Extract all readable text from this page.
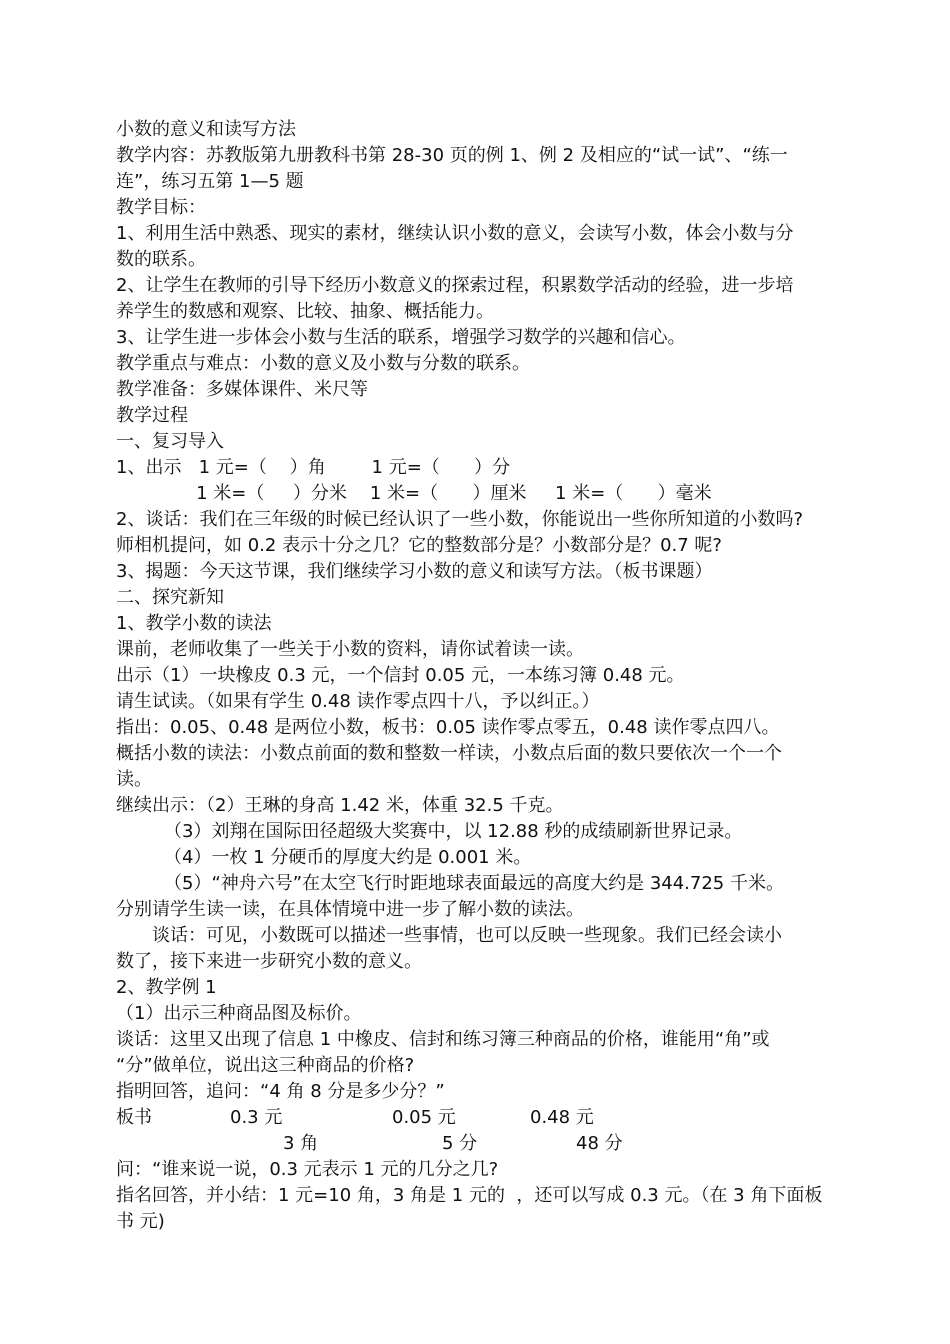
小数的意义和读写方法

教学内容：苏教版第九册教科书第 28-30 页的例 1、例 2 及相应的“试一试”、“练一

连”，练习五第 1—5 题

教学目标：

1、利用生活中熟悉、现实的素材，继续认识小数的意义，会读写小数，体会小数与分

数的联系。

2、让学生在教师的引导下经历小数意义的探索过程，积累数学活动的经验，进一步培

养学生的数感和观察、比较、抽象、概括能力。

3、让学生进一步体会小数与生活的联系，增强学习数学的兴趣和信心。

教学重点与难点：小数的意义及小数与分数的联系。

教学准备：多媒体课件、米尺等

教学过程

一、复习导入

1、出示   1 元=（    ）角        1 元=（      ）分

1 米=（     ）分米    1 米=（      ）厘米     1 米=（      ）毫米

2、谈话：我们在三年级的时候已经认识了一些小数，你能说出一些你所知道的小数吗?

师相机提问，如 0.2 表示十分之几？它的整数部分是？小数部分是？0.7 呢?

3、揭题：今天这节课，我们继续学习小数的意义和读写方法。（板书课题）

二、探究新知

1、教学小数的读法

课前，老师收集了一些关于小数的资料，请你试着读一读。

出示（1）一块橡皮 0.3 元，一个信封 0.05 元，一本练习簿 0.48 元。

请生试读。（如果有学生 0.48 读作零点四十八，予以纠正。）

指出：0.05、0.48 是两位小数，板书：0.05 读作零点零五，0.48 读作零点四八。

概括小数的读法：小数点前面的数和整数一样读，小数点后面的数只要依次一个一个

读。

继续出示：（2）王琳的身高 1.42 米，体重 32.5 千克。

（3）刘翔在国际田径超级大奖赛中，以 12.88 秒的成绩刷新世界记录。

（4）一枚 1 分硬币的厚度大约是 0.001 米。

（5）“神舟六号”在太空飞行时距地球表面最远的高度大约是 344.725 千米。

分别请学生读一读，在具体情境中进一步了解小数的读法。

谈话：可见，小数既可以描述一些事情，也可以反映一些现象。我们已经会读小

数了，接下来进一步研究小数的意义。

2、教学例 1

（1）出示三种商品图及标价。

谈话：这里又出现了信息 1 中橡皮、信封和练习簿三种商品的价格，谁能用“角”或

“分”做单位，说出这三种商品的价格?

指明回答，追问：“4 角 8 分是多少分？”

板书	0.3 元	0.05 元	0.48 元
3 角	5 分	48 分

问：“谁来说一说，0.3 元表示 1 元的几分之几?

指名回答，并小结：1 元=10 角，3 角是 1 元的  ，还可以写成 0.3 元。（在 3 角下面板

书 元)
